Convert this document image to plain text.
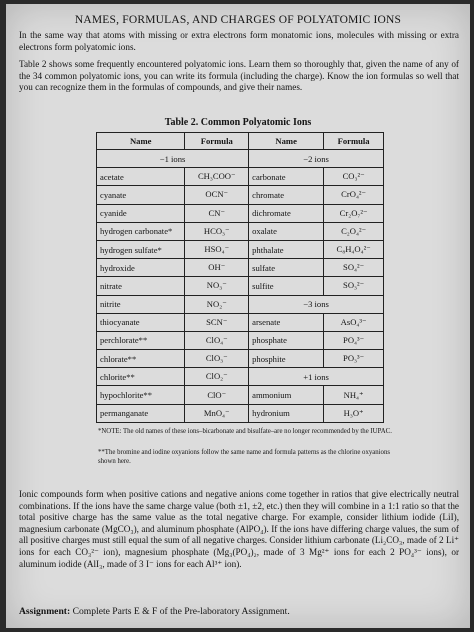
NAMES, FORMULAS, AND CHARGES OF POLYATOMIC IONS
In the same way that atoms with missing or extra electrons form monatomic ions, molecules with missing or extra electrons form polyatomic ions.
Table 2 shows some frequently encountered polyatomic ions. Learn them so thoroughly that, given the name of any of the 34 common polyatomic ions, you can write its formula (including the charge). Know the ion formulas so well that you can recognize them in the formulas of compounds, and give their names.
Table 2. Common Polyatomic Ions
Name	Formula	Name	Formula
−1 ions		−2 ions	
acetate	CH₃COO⁻	carbonate	CO₃²⁻
cyanate	OCN⁻	chromate	CrO₄²⁻
cyanide	CN⁻	dichromate	Cr₂O₇²⁻
hydrogen carbonate*	HCO₃⁻	oxalate	C₂O₄²⁻
hydrogen sulfate*	HSO₄⁻	phthalate	C₈H₄O₄²⁻
hydroxide	OH⁻	sulfate	SO₄²⁻
nitrate	NO₃⁻	sulfite	SO₃²⁻
nitrite	NO₂⁻	−3 ions	
thiocyanate	SCN⁻	arsenate	AsO₄³⁻
perchlorate**	ClO₄⁻	phosphate	PO₄³⁻
chlorate**	ClO₃⁻	phosphite	PO₃³⁻
chlorite**	ClO₂⁻	+1 ions	
hypochlorite**	ClO⁻	ammonium	NH₄⁺
permanganate	MnO₄⁻	hydronium	H₃O⁺
*NOTE: The old names of these ions–bicarbonate and bisulfate–are no longer recommended by the IUPAC.
**The bromine and iodine oxyanions follow the same name and formula patterns as the chlorine oxyanions shown here.
Ionic compounds form when positive cations and negative anions come together in ratios that give electrically neutral combinations. If the ions have the same charge value (both ±1, ±2, etc.) then they will combine in a 1:1 ratio so that the total positive charge has the same value as the total negative charge. For example, consider lithium iodide (LiI), magnesium carbonate (MgCO₃), and aluminum phosphate (AlPO₄). If the ions have differing charge values, the sum of all positive charges must still equal the sum of all negative charges. Consider lithium carbonate (Li₂CO₃, made of 2 Li⁺ ions for each CO₃²⁻ ion), magnesium phosphate (Mg₃(PO₄)₂, made of 3 Mg²⁺ ions for each 2 PO₄³⁻ ions), or aluminum iodide (AlI₃, made of 3 I⁻ ions for each Al³⁺ ion).
Assignment: Complete Parts E & F of the Pre-laboratory Assignment.
